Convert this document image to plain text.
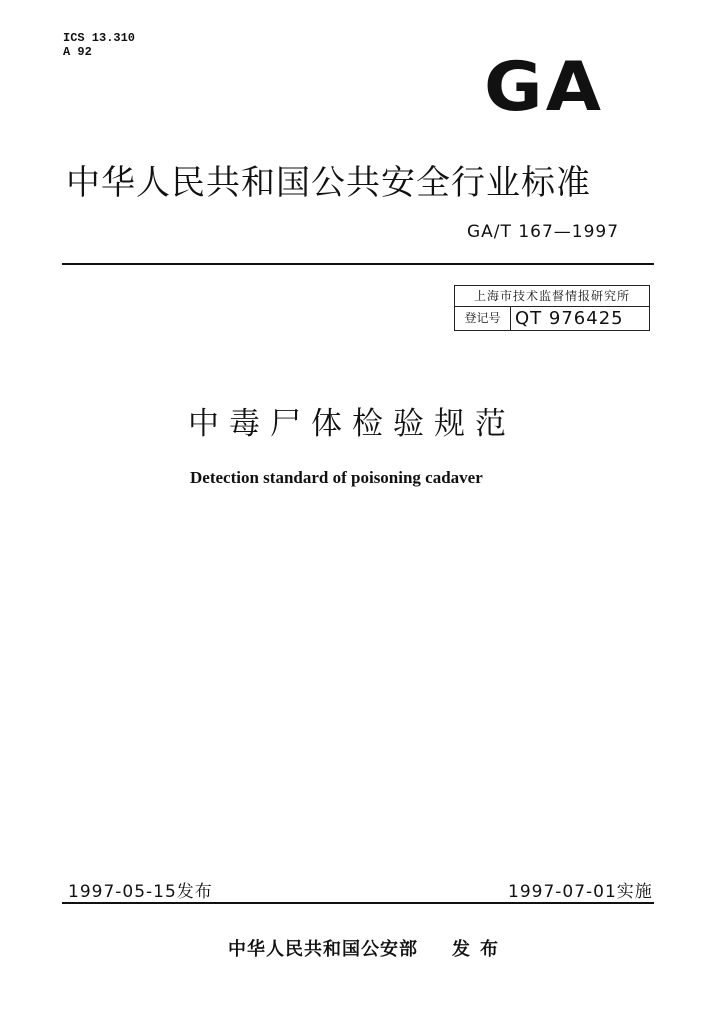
ICS 13.310
A 92	GA
中华人民共和国公共安全行业标准
GA/T 167—1997
上海市技术监督情报研究所
登记号 QT 976425
中毒尸体检验规范
Detection standard of poisoning cadaver
1997-05-15发布	1997-07-01实施
中华人民共和国公安部 发布
